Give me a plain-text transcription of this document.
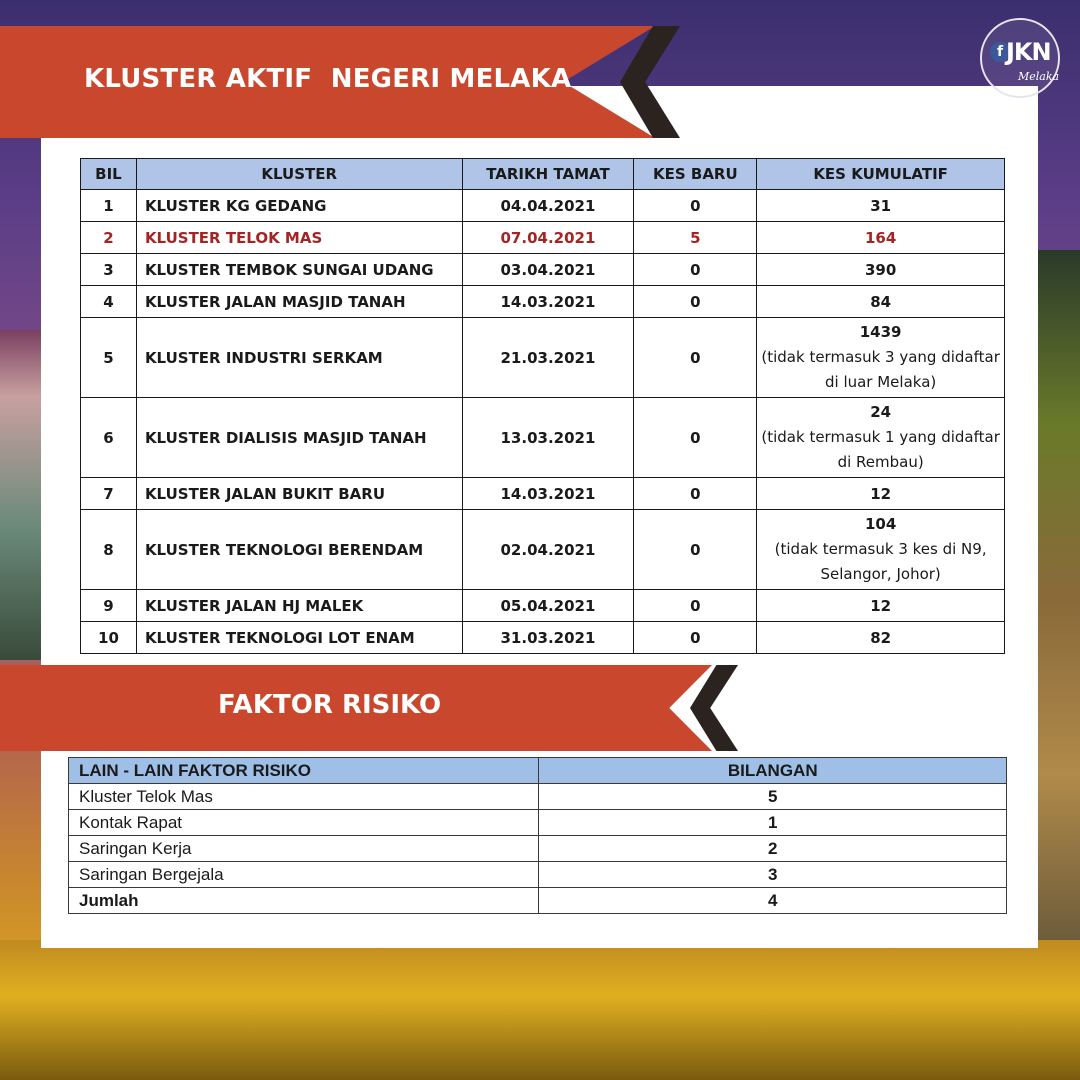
KLUSTER AKTIF  NEGERI MELAKA
f JKN
Melaka
BIL	KLUSTER	TARIKH TAMAT	KES BARU	KES KUMULATIF
1	KLUSTER KG GEDANG	04.04.2021	0	31
2	KLUSTER TELOK MAS	07.04.2021	5	164
3	KLUSTER TEMBOK SUNGAI UDANG	03.04.2021	0	390
4	KLUSTER JALAN MASJID TANAH	14.03.2021	0	84
5	KLUSTER INDUSTRI SERKAM	21.03.2021	0	1439
(tidak termasuk 3 yang didaftar di luar Melaka)
6	KLUSTER DIALISIS MASJID TANAH	13.03.2021	0	24
(tidak termasuk 1 yang didaftar di Rembau)
7	KLUSTER JALAN BUKIT BARU	14.03.2021	0	12
8	KLUSTER TEKNOLOGI BERENDAM	02.04.2021	0	104
(tidak termasuk 3 kes di N9, Selangor, Johor)
9	KLUSTER JALAN HJ MALEK	05.04.2021	0	12
10	KLUSTER TEKNOLOGI LOT ENAM	31.03.2021	0	82
FAKTOR RISIKO
LAIN - LAIN FAKTOR RISIKO	BILANGAN
Kluster Telok Mas	5
Kontak Rapat	1
Saringan Kerja	2
Saringan Bergejala	3
Jumlah	4
